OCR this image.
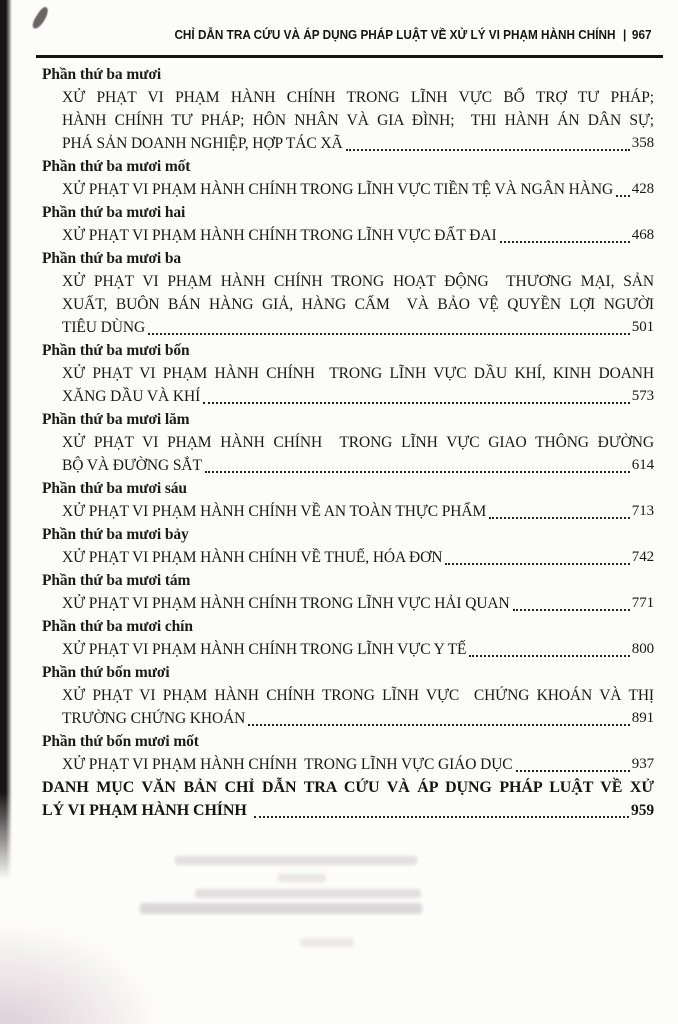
CHỈ DẪN TRA CỨU VÀ ÁP DỤNG PHÁP LUẬT VỀ XỬ LÝ VI PHẠM HÀNH CHÍNH | 967
Phần thứ ba mươi
XỬ PHẠT VI PHẠM HÀNH CHÍNH TRONG LĨNH VỰC BỔ TRỢ TƯ PHÁP;
HÀNH CHÍNH TƯ PHÁP; HÔN NHÂN VÀ GIA ĐÌNH;  THI HÀNH ÁN DÂN SỰ;
PHÁ SẢN DOANH NGHIỆP, HỢP TÁC XÃ	358
Phần thứ ba mươi mốt
XỬ PHẠT VI PHẠM HÀNH CHÍNH TRONG LĨNH VỰC TIỀN TỆ VÀ NGÂN HÀNG 428
Phần thứ ba mươi hai
XỬ PHẠT VI PHẠM HÀNH CHÍNH TRONG LĨNH VỰC ĐẤT ĐAI	468
Phần thứ ba mươi ba
XỬ PHẠT VI PHẠM HÀNH CHÍNH TRONG HOẠT ĐỘNG  THƯƠNG MẠI, SẢN
XUẤT, BUÔN BÁN HÀNG GIẢ, HÀNG CẤM  VÀ BẢO VỆ QUYỀN LỢI NGƯỜI
TIÊU DÙNG	501
Phần thứ ba mươi bốn
XỬ PHẠT VI PHẠM HÀNH CHÍNH  TRONG LĨNH VỰC DẦU KHÍ, KINH DOANH
XĂNG DẦU VÀ KHÍ	573
Phần thứ ba mươi lăm
XỬ PHẠT VI PHẠM HÀNH CHÍNH  TRONG LĨNH VỰC GIAO THÔNG ĐƯỜNG
BỘ VÀ ĐƯỜNG SẮT	614
Phần thứ ba mươi sáu
XỬ PHẠT VI PHẠM HÀNH CHÍNH VỀ AN TOÀN THỰC PHẨM	713
Phần thứ ba mươi bảy
XỬ PHẠT VI PHẠM HÀNH CHÍNH VỀ THUẾ, HÓA ĐƠN	742
Phần thứ ba mươi tám
XỬ PHẠT VI PHẠM HÀNH CHÍNH TRONG LĨNH VỰC HẢI QUAN	771
Phần thứ ba mươi chín
XỬ PHẠT VI PHẠM HÀNH CHÍNH TRONG LĨNH VỰC Y TẾ	800
Phần thứ bốn mươi
XỬ PHẠT VI PHẠM HÀNH CHÍNH TRONG LĨNH VỰC  CHỨNG KHOÁN VÀ THỊ
TRƯỜNG CHỨNG KHOÁN	891
Phần thứ bốn mươi mốt
XỬ PHẠT VI PHẠM HÀNH CHÍNH  TRONG LĨNH VỰC GIÁO DỤC	937
DANH MỤC VĂN BẢN CHỈ DẪN TRA CỨU VÀ ÁP DỤNG PHÁP LUẬT VỀ XỬ
LÝ VI PHẠM HÀNH CHÍNH	959
